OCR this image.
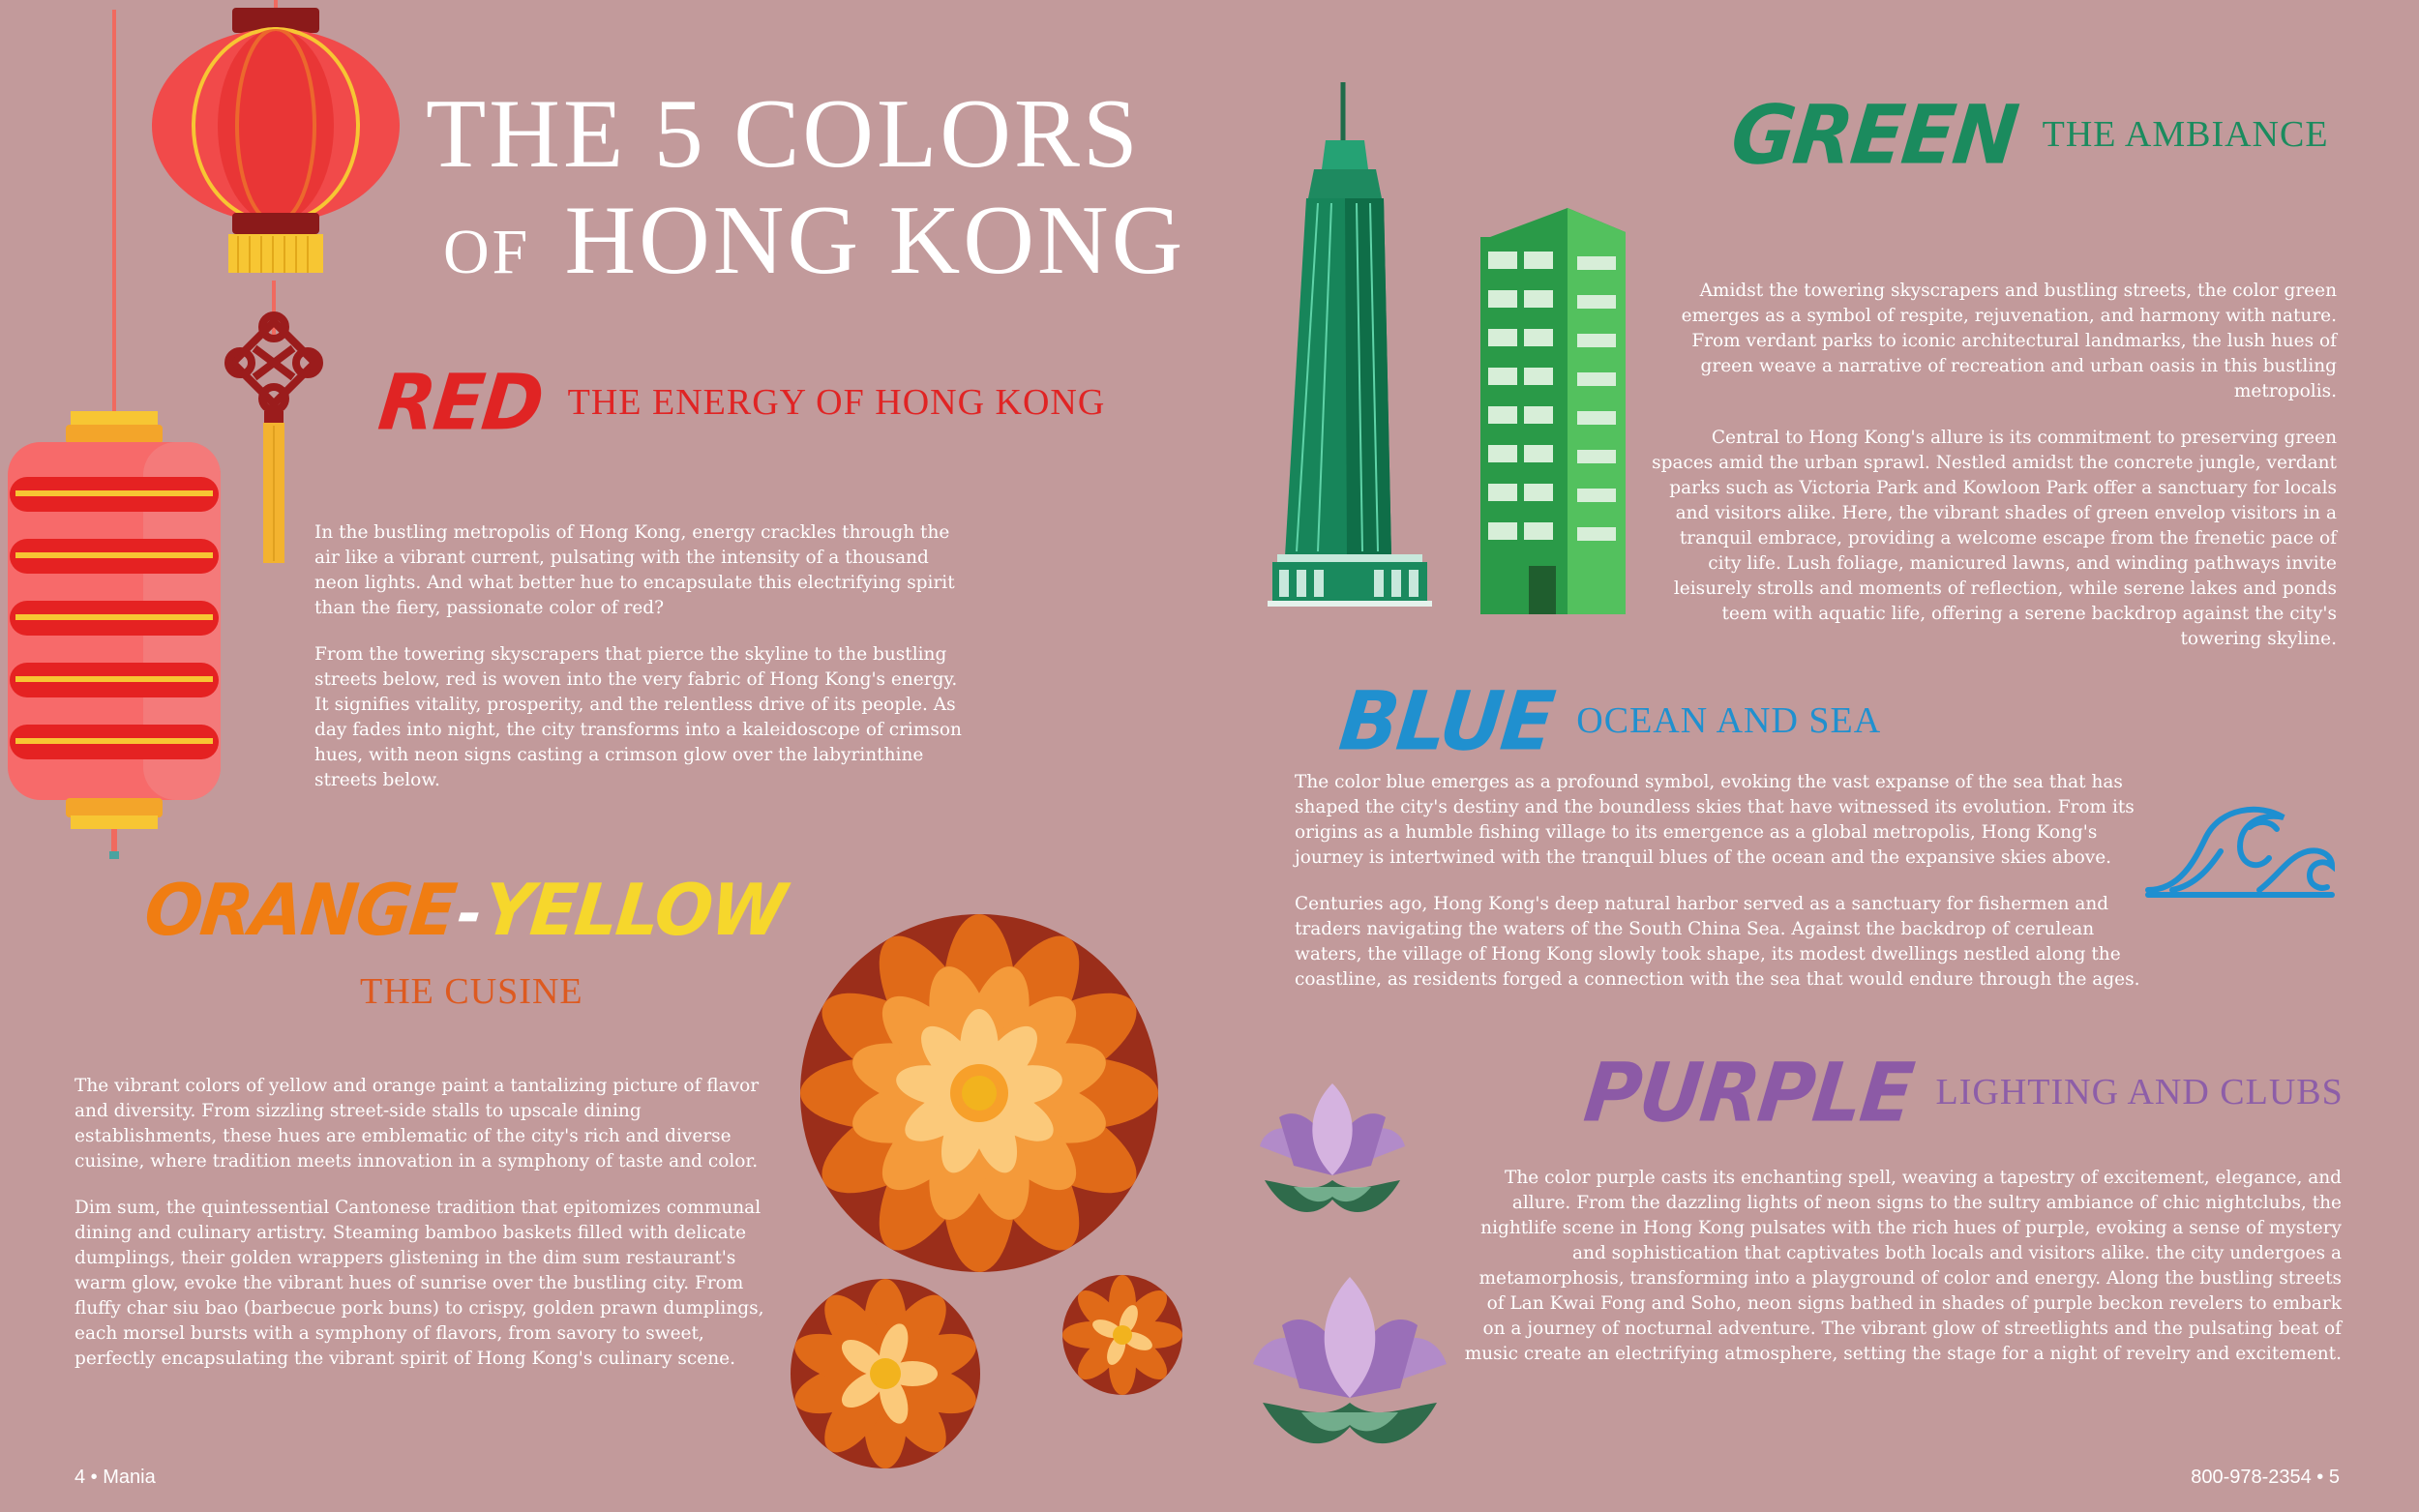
THE 5 COLORS
OF HONG KONG
RED THE ENERGY OF HONG KONG

In the bustling metropolis of Hong Kong, energy crackles through the air like a vibrant current, pulsating with the intensity of a thousand neon lights. And what better hue to encapsulate this electrifying spirit than the fiery, passionate color of red?

From the towering skyscrapers that pierce the skyline to the bustling streets below, red is woven into the very fabric of Hong Kong's energy. It signifies vitality, prosperity, and the relentless drive of its people. As day fades into night, the city transforms into a kaleidoscope of crimson hues, with neon signs casting a crimson glow over the labyrinthine streets below.

ORANGE-YELLOW
THE CUSINE

The vibrant colors of yellow and orange paint a tantalizing picture of flavor and diversity. From sizzling street-side stalls to upscale dining establishments, these hues are emblematic of the city's rich and diverse cuisine, where tradition meets innovation in a symphony of taste and color.

Dim sum, the quintessential Cantonese tradition that epitomizes communal dining and culinary artistry. Steaming bamboo baskets filled with delicate dumplings, their golden wrappers glistening in the dim sum restaurant's warm glow, evoke the vibrant hues of sunrise over the bustling city. From fluffy char siu bao (barbecue pork buns) to crispy, golden prawn dumplings, each morsel bursts with a symphony of flavors, from savory to sweet, perfectly encapsulating the vibrant spirit of Hong Kong's culinary scene.

GREEN THE AMBIANCE

Amidst the towering skyscrapers and bustling streets, the color green emerges as a symbol of respite, rejuvenation, and harmony with nature. From verdant parks to iconic architectural landmarks, the lush hues of green weave a narrative of recreation and urban oasis in this bustling metropolis.

Central to Hong Kong's allure is its commitment to preserving green spaces amid the urban sprawl. Nestled amidst the concrete jungle, verdant parks such as Victoria Park and Kowloon Park offer a sanctuary for locals and visitors alike. Here, the vibrant shades of green envelop visitors in a tranquil embrace, providing a welcome escape from the frenetic pace of city life. Lush foliage, manicured lawns, and winding pathways invite leisurely strolls and moments of reflection, while serene lakes and ponds teem with aquatic life, offering a serene backdrop against the city's towering skyline.

BLUE OCEAN AND SEA

The color blue emerges as a profound symbol, evoking the vast expanse of the sea that has shaped the city's destiny and the boundless skies that have witnessed its evolution. From its origins as a humble fishing village to its emergence as a global metropolis, Hong Kong's journey is intertwined with the tranquil blues of the ocean and the expansive skies above.

Centuries ago, Hong Kong's deep natural harbor served as a sanctuary for fishermen and traders navigating the waters of the South China Sea. Against the backdrop of cerulean waters, the village of Hong Kong slowly took shape, its modest dwellings nestled along the coastline, as residents forged a connection with the sea that would endure through the ages.

PURPLE LIGHTING AND CLUBS

The color purple casts its enchanting spell, weaving a tapestry of excitement, elegance, and allure. From the dazzling lights of neon signs to the sultry ambiance of chic nightclubs, the nightlife scene in Hong Kong pulsates with the rich hues of purple, evoking a sense of mystery and sophistication that captivates both locals and visitors alike. the city undergoes a metamorphosis, transforming into a playground of color and energy. Along the bustling streets of Lan Kwai Fong and Soho, neon signs bathed in shades of purple beckon revelers to embark on a journey of nocturnal adventure. The vibrant glow of streetlights and the pulsating beat of music create an electrifying atmosphere, setting the stage for a night of revelry and excitement.

4 • Mania	800-978-2354 • 5
